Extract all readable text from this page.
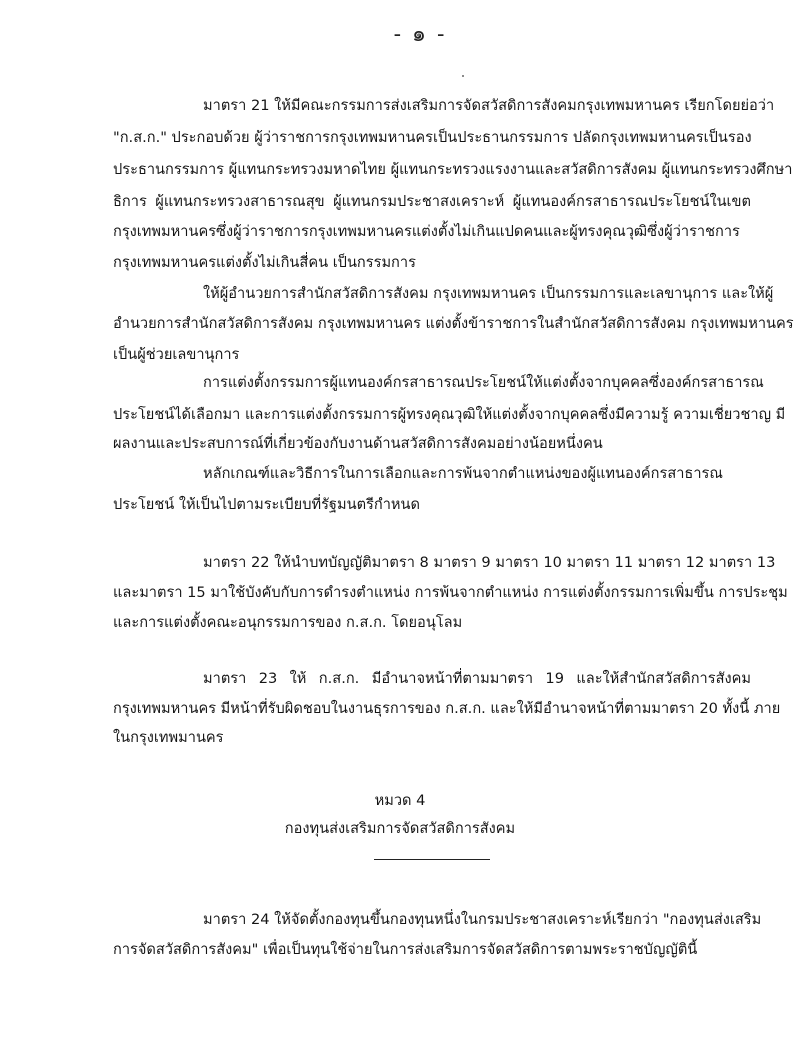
- ๑ -
มาตรา 21 ให้มีคณะกรรมการส่งเสริมการจัดสวัสดิการสังคมกรุงเทพมหานคร เรียกโดยย่อว่า
"ก.ส.ก." ประกอบด้วย ผู้ว่าราชการกรุงเทพมหานครเป็นประธานกรรมการ ปลัดกรุงเทพมหานครเป็นรอง
ประธานกรรมการ ผู้แทนกระทรวงมหาดไทย ผู้แทนกระทรวงแรงงานและสวัสดิการสังคม ผู้แทนกระทรวงศึกษา
ธิการ ผู้แทนกระทรวงสาธารณสุข ผู้แทนกรมประชาสงเคราะห์ ผู้แทนองค์กรสาธารณประโยชน์ในเขต
กรุงเทพมหานครซึ่งผู้ว่าราชการกรุงเทพมหานครแต่งตั้งไม่เกินแปดคนและผู้ทรงคุณวุฒิซึ่งผู้ว่าราชการ
กรุงเทพมหานครแต่งตั้งไม่เกินสี่คน เป็นกรรมการ
ให้ผู้อำนวยการสำนักสวัสดิการสังคม กรุงเทพมหานคร เป็นกรรมการและเลขานุการ และให้ผู้
อำนวยการสำนักสวัสดิการสังคม กรุงเทพมหานคร แต่งตั้งข้าราชการในสำนักสวัสดิการสังคม กรุงเทพมหานคร
เป็นผู้ช่วยเลขานุการ
การแต่งตั้งกรรมการผู้แทนองค์กรสาธารณประโยชน์ให้แต่งตั้งจากบุคคลซึ่งองค์กรสาธารณ
ประโยชน์ได้เลือกมา และการแต่งตั้งกรรมการผู้ทรงคุณวุฒิให้แต่งตั้งจากบุคคลซึ่งมีความรู้ ความเชี่ยวชาญ มี
ผลงานและประสบการณ์ที่เกี่ยวข้องกับงานด้านสวัสดิการสังคมอย่างน้อยหนึ่งคน
หลักเกณฑ์และวิธีการในการเลือกและการพ้นจากตำแหน่งของผู้แทนองค์กรสาธารณ
ประโยชน์ ให้เป็นไปตามระเบียบที่รัฐมนตรีกำหนด
มาตรา 22 ให้นำบทบัญญัติมาตรา 8 มาตรา 9 มาตรา 10 มาตรา 11 มาตรา 12 มาตรา 13
และมาตรา 15 มาใช้บังคับกับการดำรงตำแหน่ง การพ้นจากตำแหน่ง การแต่งตั้งกรรมการเพิ่มขึ้น การประชุม
และการแต่งตั้งคณะอนุกรรมการของ ก.ส.ก. โดยอนุโลม
มาตรา 23 ให้ ก.ส.ก. มีอำนาจหน้าที่ตามมาตรา 19 และให้สำนักสวัสดิการสังคม
กรุงเทพมหานคร มีหน้าที่รับผิดชอบในงานธุรการของ ก.ส.ก. และให้มีอำนาจหน้าที่ตามมาตรา 20 ทั้งนี้ ภาย
ในกรุงเทพมานคร
หมวด 4
กองทุนส่งเสริมการจัดสวัสดิการสังคม
มาตรา 24 ให้จัดตั้งกองทุนขึ้นกองทุนหนึ่งในกรมประชาสงเคราะห์เรียกว่า "กองทุนส่งเสริม
การจัดสวัสดิการสังคม" เพื่อเป็นทุนใช้จ่ายในการส่งเสริมการจัดสวัสดิการตามพระราชบัญญัตินี้
